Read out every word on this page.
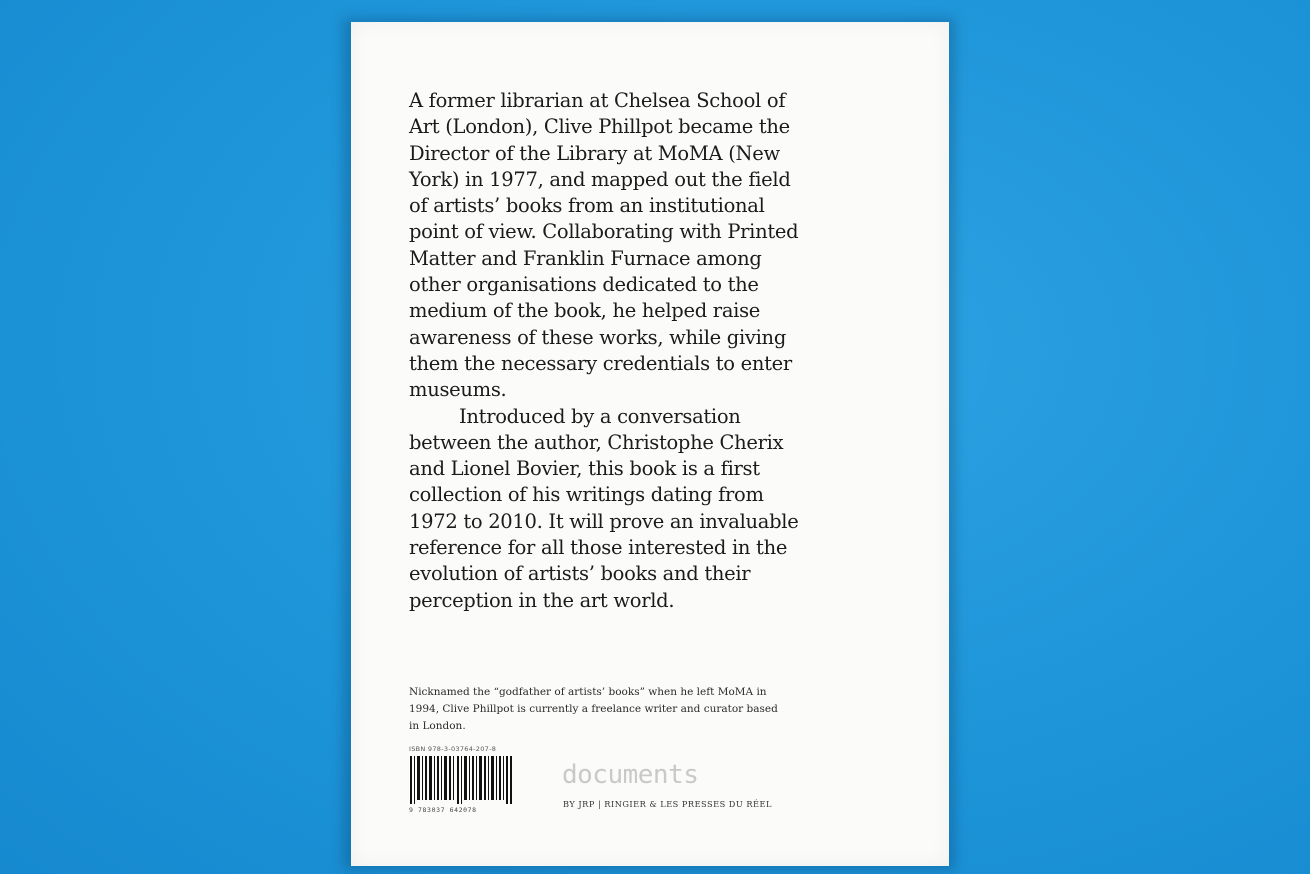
A former librarian at Chelsea School of Art (London), Clive Phillpot became the Director of the Library at MoMA (New York) in 1977, and mapped out the field of artists’ books from an institutional point of view. Collaborating with Printed Matter and Franklin Furnace among other organisations dedicated to the medium of the book, he helped raise awareness of these works, while giving them the necessary credentials to enter museums.

Introduced by a conversation between the author, Christophe Cherix and Lionel Bovier, this book is a first collection of his writings dating from 1972 to 2010. It will prove an invaluable reference for all those interested in the evolution of artists’ books and their perception in the art world.

Nicknamed the “godfather of artists’ books” when he left MoMA in 1994, Clive Phillpot is currently a freelance writer and curator based in London.
ISBN 978-3-03764-207-8
9 783037 642078
documents
BY JRP | RINGIER & LES PRESSES DU RÉEL
